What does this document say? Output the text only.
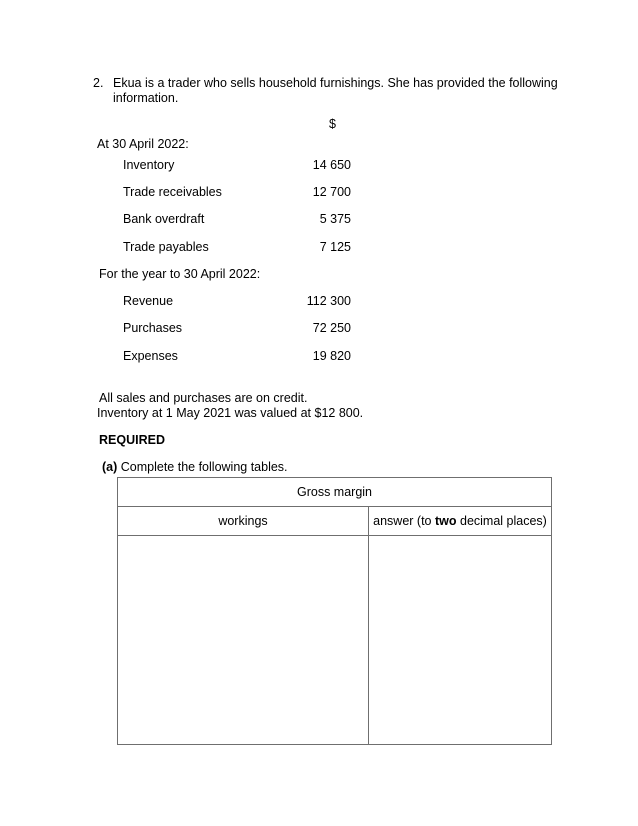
2. Ekua is a trader who sells household furnishings. She has provided the following
information.
$
At 30 April 2022:
Inventory	14 650
Trade receivables	12 700
Bank overdraft	5 375
Trade payables	7 125
For the year to 30 April 2022:
Revenue	112 300
Purchases	72 250
Expenses	19 820
All sales and purchases are on credit.
Inventory at 1 May 2021 was valued at $12 800.
REQUIRED
(a) Complete the following tables.
Gross margin	
workings	answer (to two decimal places)
